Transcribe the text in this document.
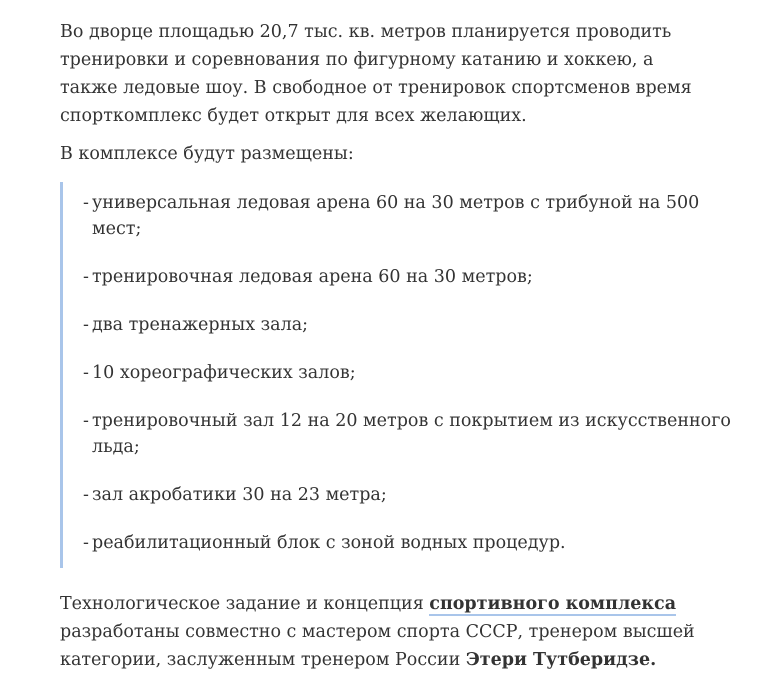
Во дворце площадью 20,7 тыс. кв. метров планируется проводить тренировки и соревнования по фигурному катанию и хоккею, а также ледовые шоу. В свободное от тренировок спортсменов время спорткомплекс будет открыт для всех желающих.

В комплексе будут размещены:

- универсальная ледовая арена 60 на 30 метров с трибуной на 500 мест;
- тренировочная ледовая арена 60 на 30 метров;
- два тренажерных зала;
- 10 хореографических залов;
- тренировочный зал 12 на 20 метров с покрытием из искусственного льда;
- зал акробатики 30 на 23 метра;
- реабилитационный блок с зоной водных процедур.

Технологическое задание и концепция спортивного комплекса разработаны совместно с мастером спорта СССР, тренером высшей категории, заслуженным тренером России Этери Тутберидзе.
